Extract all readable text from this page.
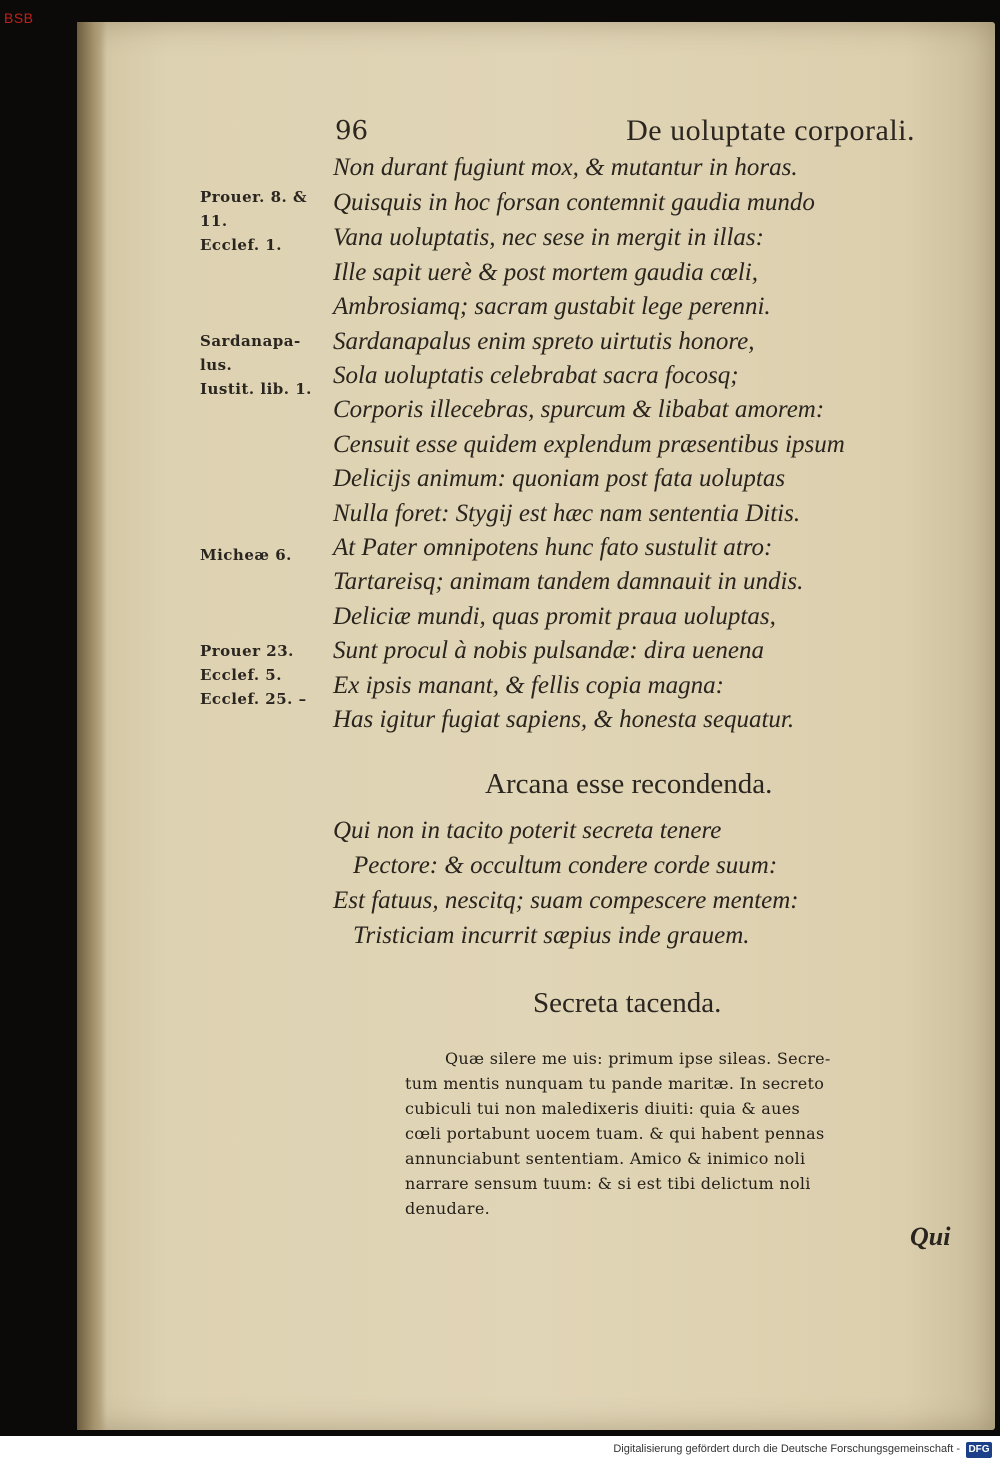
BSB
96	De uoluptate corporali.
Non durant fugiunt mox, & mutantur in horas.
Quisquis in hoc forsan contemnit gaudia mundo
Vana uoluptatis, nec sese in mergit in illas:
Ille sapit uerè & post mortem gaudia cœli,
Ambrosiamq; sacram gustabit lege perenni.
Sardanapalus enim spreto uirtutis honore,
Sola uoluptatis celebrabat sacra focosq;
Corporis illecebras, spurcum & libabat amorem:
Censuit esse quidem explendum præsentibus ipsum
Delicijs animum: quoniam post fata uoluptas
Nulla foret: Stygij est hæc nam sententia Ditis.
At Pater omnipotens hunc fato sustulit atro:
Tartareisq; animam tandem damnauit in undis.
Deliciæ mundi, quas promit praua uoluptas,
Sunt procul à nobis pulsandæ: dira uenena
Ex ipsis manant, & fellis copia magna:
Has igitur fugiat sapiens, & honesta sequatur.
Prouer. 8. &
11.
Ecclef. 1.
Sardanapa-
lus.
Iustit. lib. 1.
Micheæ 6.
Prouer 23.
Ecclef. 5.
Ecclef. 25. –
Arcana esse recondenda.
Qui non in tacito poterit secreta tenere
Pectore: & occultum condere corde suum:
Est fatuus, nescitq; suam compescere mentem:
Tristiciam incurrit sæpius inde grauem.
Secreta tacenda.
Quæ silere me uis: primum ipse sileas. Secre-
tum mentis nunquam tu pande maritæ. In secreto
cubiculi tui non maledixeris diuiti: quia & aues
cœli portabunt uocem tuam. & qui habent pennas
annunciabunt sententiam. Amico & inimico noli
narrare sensum tuum: & si est tibi delictum noli
denudare.
Qui
Digitalisierung gefördert durch die Deutsche Forschungsgemeinschaft - DFG
